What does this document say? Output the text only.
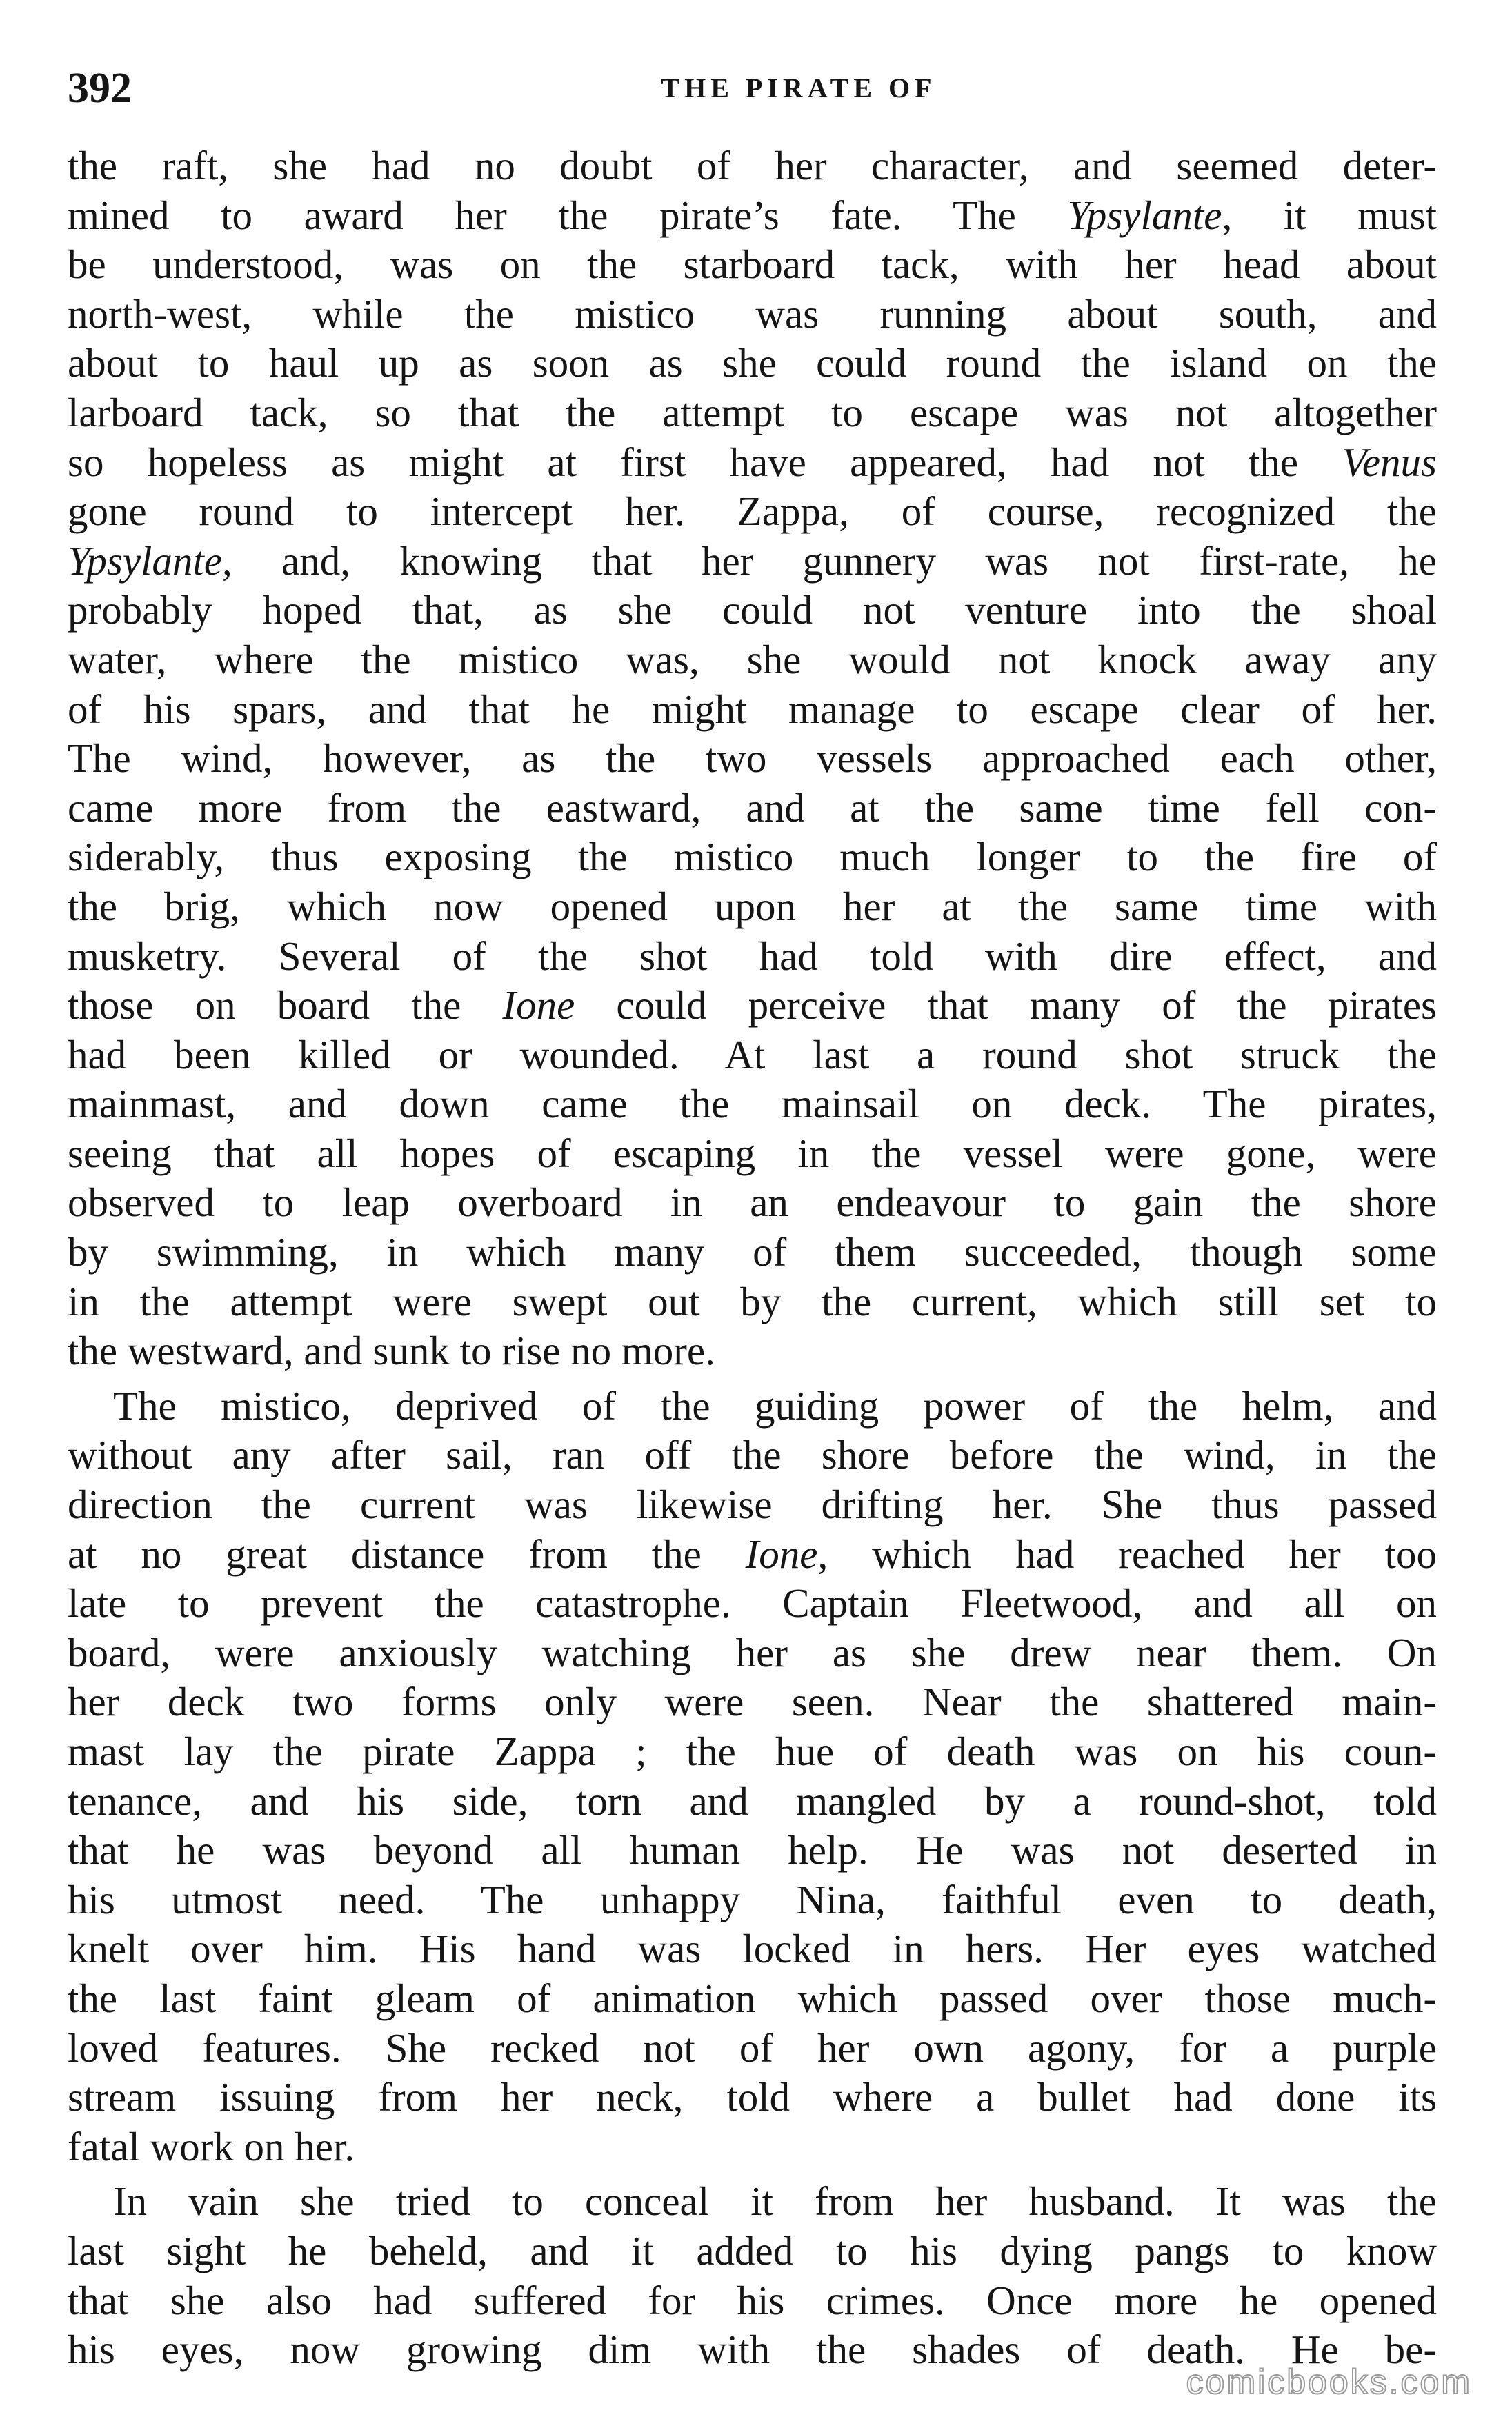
392	THE PIRATE OF
the raft, she had no doubt of her character, and seemed deter-
mined to award her the pirate’s fate. The Ypsylante, it must
be understood, was on the starboard tack, with her head about
north-west, while the mistico was running about south, and
about to haul up as soon as she could round the island on the
larboard tack, so that the attempt to escape was not altogether
so hopeless as might at first have appeared, had not the Venus
gone round to intercept her. Zappa, of course, recognized the
Ypsylante, and, knowing that her gunnery was not first-rate, he
probably hoped that, as she could not venture into the shoal
water, where the mistico was, she would not knock away any
of his spars, and that he might manage to escape clear of her.
The wind, however, as the two vessels approached each other,
came more from the eastward, and at the same time fell con-
siderably, thus exposing the mistico much longer to the fire of
the brig, which now opened upon her at the same time with
musketry. Several of the shot had told with dire effect, and
those on board the Ione could perceive that many of the pirates
had been killed or wounded. At last a round shot struck the
mainmast, and down came the mainsail on deck. The pirates,
seeing that all hopes of escaping in the vessel were gone, were
observed to leap overboard in an endeavour to gain the shore
by swimming, in which many of them succeeded, though some
in the attempt were swept out by the current, which still set to
the westward, and sunk to rise no more.
The mistico, deprived of the guiding power of the helm, and
without any after sail, ran off the shore before the wind, in the
direction the current was likewise drifting her. She thus passed
at no great distance from the Ione, which had reached her too
late to prevent the catastrophe. Captain Fleetwood, and all on
board, were anxiously watching her as she drew near them. On
her deck two forms only were seen. Near the shattered main-
mast lay the pirate Zappa ; the hue of death was on his coun-
tenance, and his side, torn and mangled by a round-shot, told
that he was beyond all human help. He was not deserted in
his utmost need. The unhappy Nina, faithful even to death,
knelt over him. His hand was locked in hers. Her eyes watched
the last faint gleam of animation which passed over those much-
loved features. She recked not of her own agony, for a purple
stream issuing from her neck, told where a bullet had done its
fatal work on her.
In vain she tried to conceal it from her husband. It was the
last sight he beheld, and it added to his dying pangs to know
that she also had suffered for his crimes. Once more he opened
his eyes, now growing dim with the shades of death. He be-
comicbooks.com
